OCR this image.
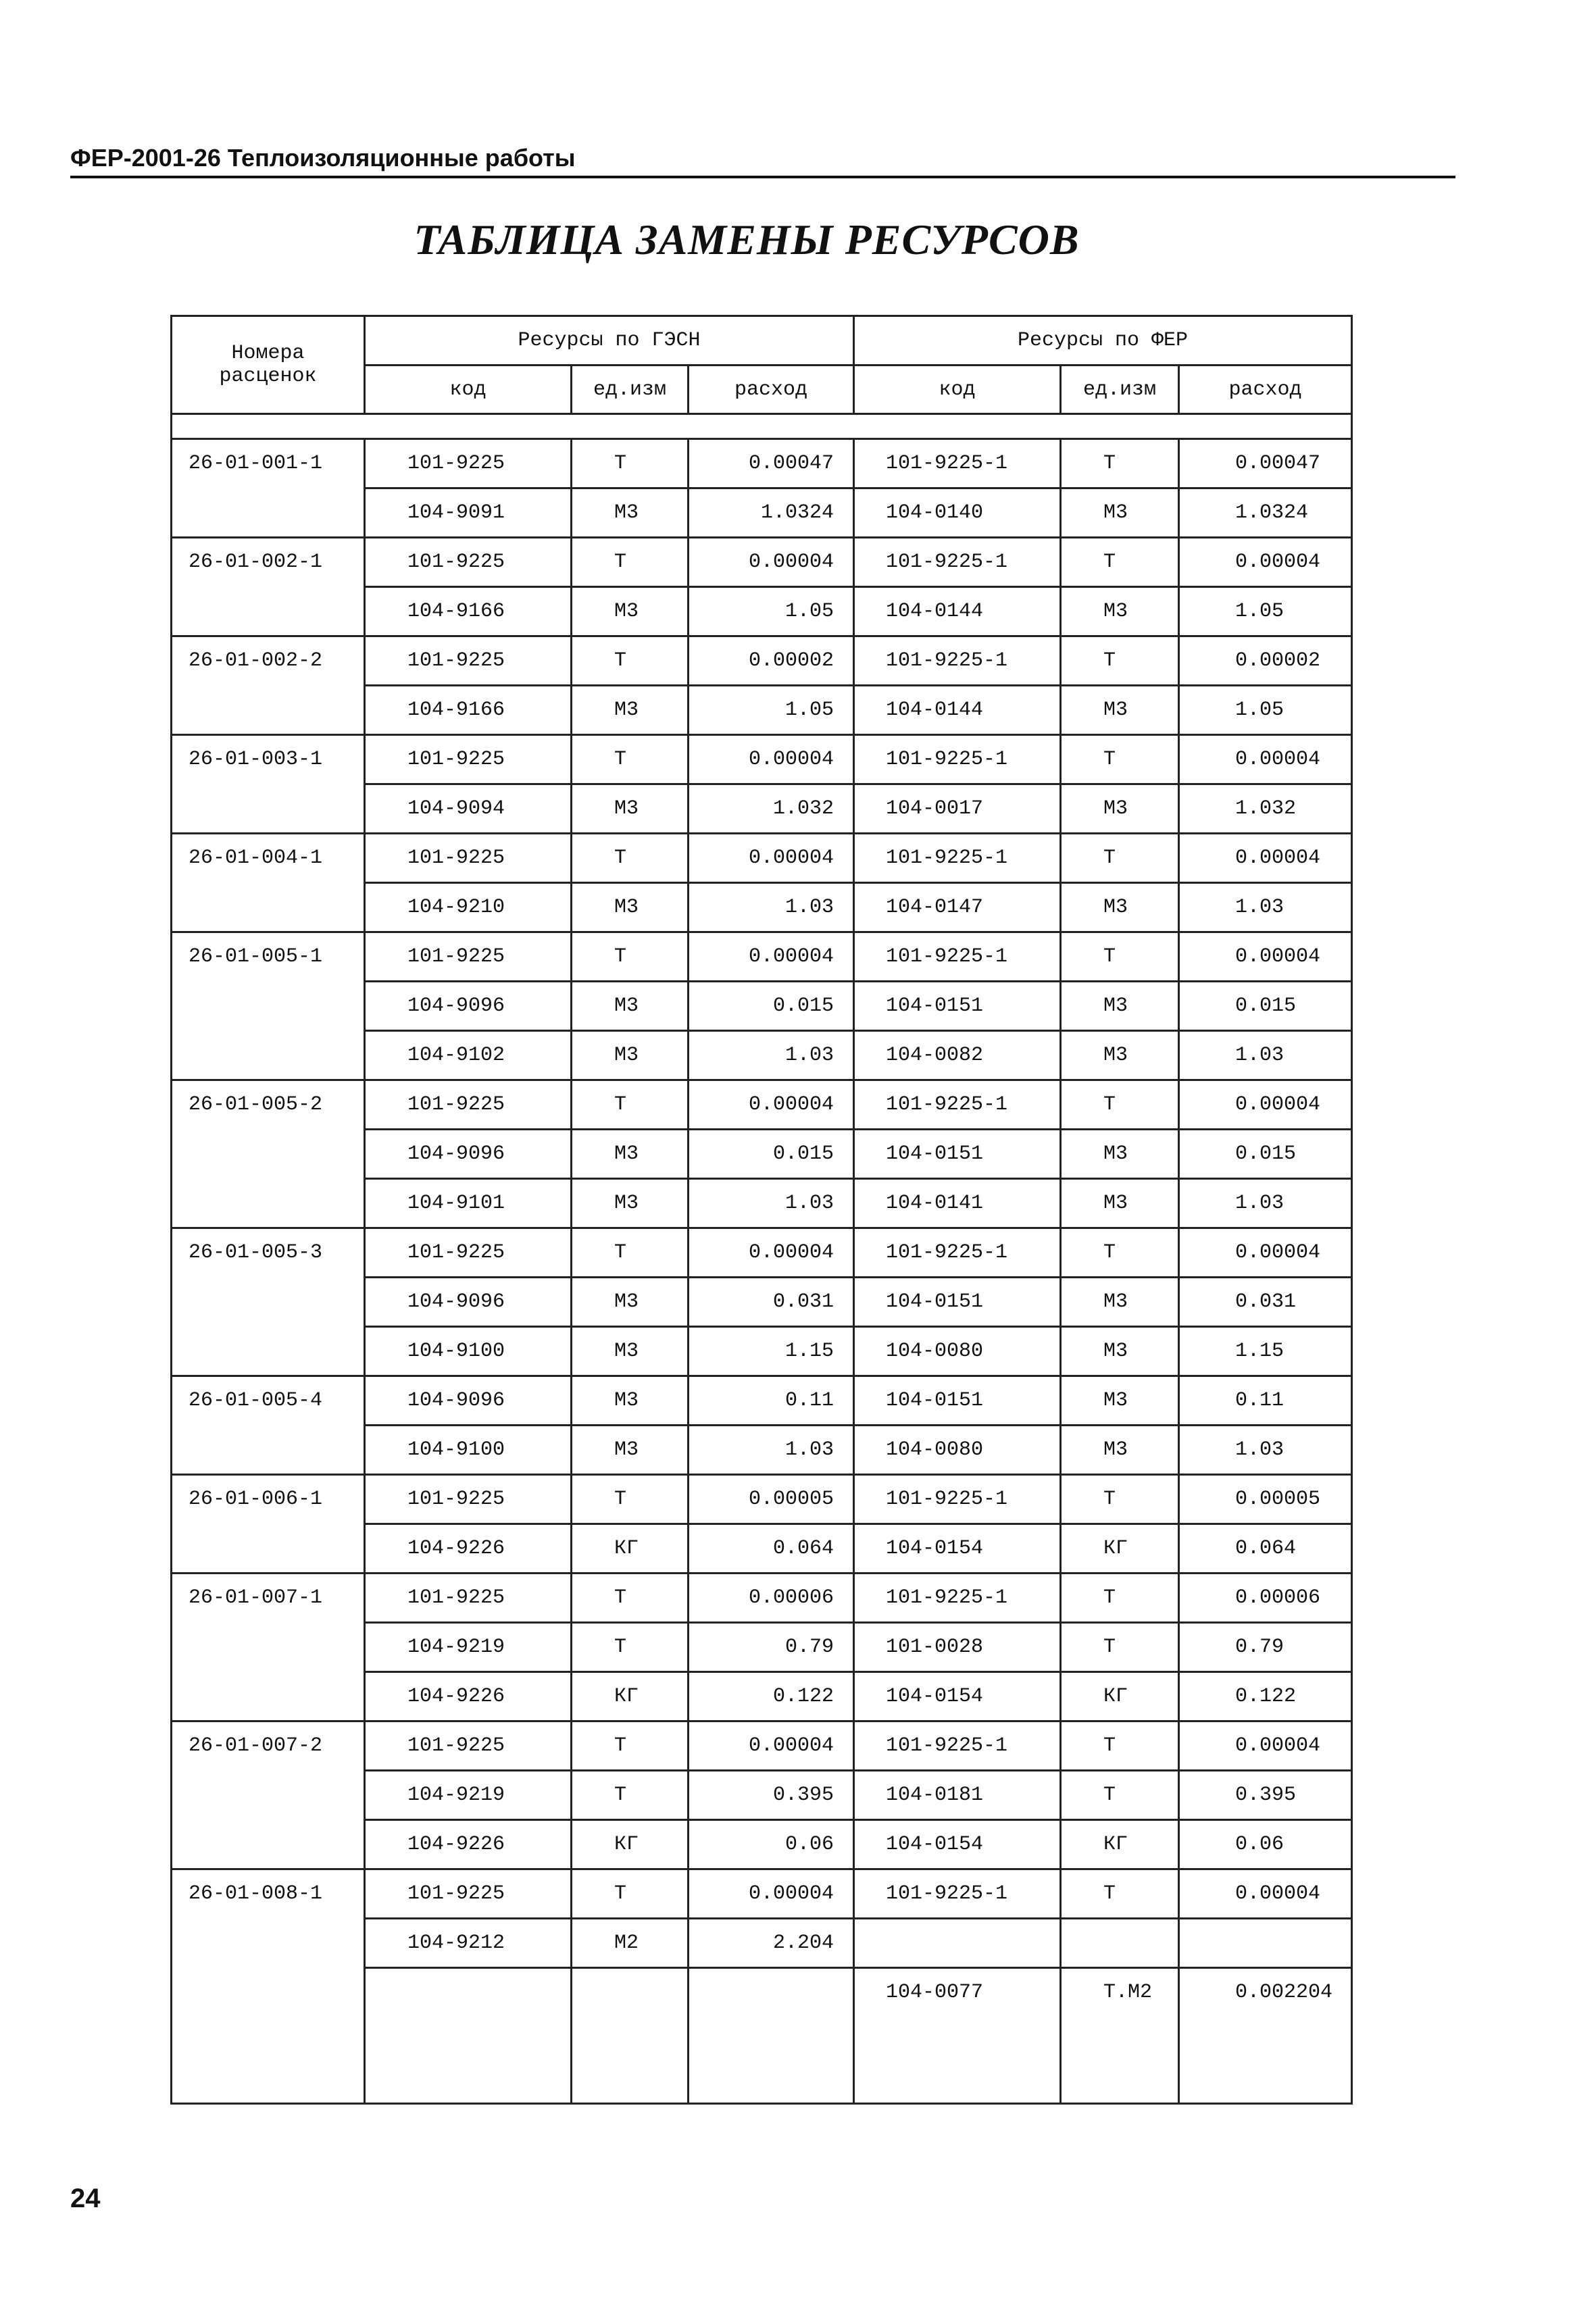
ФЕР-2001-26 Теплоизоляционные работы
ТАБЛИЦА ЗАМЕНЫ РЕСУРСОВ
Номера расценок	Ресурсы по ГЭСН			Ресурсы по ФЕР		
	код	ед.изм	расход	код	ед.изм	расход

26-01-001-1	101-9225	Т	0.00047	101-9225-1	Т	0.00047
	104-9091	М3	1.0324	104-0140	М3	1.0324
26-01-002-1	101-9225	Т	0.00004	101-9225-1	Т	0.00004
	104-9166	М3	1.05	104-0144	М3	1.05
26-01-002-2	101-9225	Т	0.00002	101-9225-1	Т	0.00002
	104-9166	М3	1.05	104-0144	М3	1.05
26-01-003-1	101-9225	Т	0.00004	101-9225-1	Т	0.00004
	104-9094	М3	1.032	104-0017	М3	1.032
26-01-004-1	101-9225	Т	0.00004	101-9225-1	Т	0.00004
	104-9210	М3	1.03	104-0147	М3	1.03
26-01-005-1	101-9225	Т	0.00004	101-9225-1	Т	0.00004
	104-9096	М3	0.015	104-0151	М3	0.015
	104-9102	М3	1.03	104-0082	М3	1.03
26-01-005-2	101-9225	Т	0.00004	101-9225-1	Т	0.00004
	104-9096	М3	0.015	104-0151	М3	0.015
	104-9101	М3	1.03	104-0141	М3	1.03
26-01-005-3	101-9225	Т	0.00004	101-9225-1	Т	0.00004
	104-9096	М3	0.031	104-0151	М3	0.031
	104-9100	М3	1.15	104-0080	М3	1.15
26-01-005-4	104-9096	М3	0.11	104-0151	М3	0.11
	104-9100	М3	1.03	104-0080	М3	1.03
26-01-006-1	101-9225	Т	0.00005	101-9225-1	Т	0.00005
	104-9226	КГ	0.064	104-0154	КГ	0.064
26-01-007-1	101-9225	Т	0.00006	101-9225-1	Т	0.00006
	104-9219	Т	0.79	101-0028	Т	0.79
	104-9226	КГ	0.122	104-0154	КГ	0.122
26-01-007-2	101-9225	Т	0.00004	101-9225-1	Т	0.00004
	104-9219	Т	0.395	104-0181	Т	0.395
	104-9226	КГ	0.06	104-0154	КГ	0.06
26-01-008-1	101-9225	Т	0.00004	101-9225-1	Т	0.00004
	104-9212	М2	2.204			
				104-0077	Т.М2	0.002204
24
